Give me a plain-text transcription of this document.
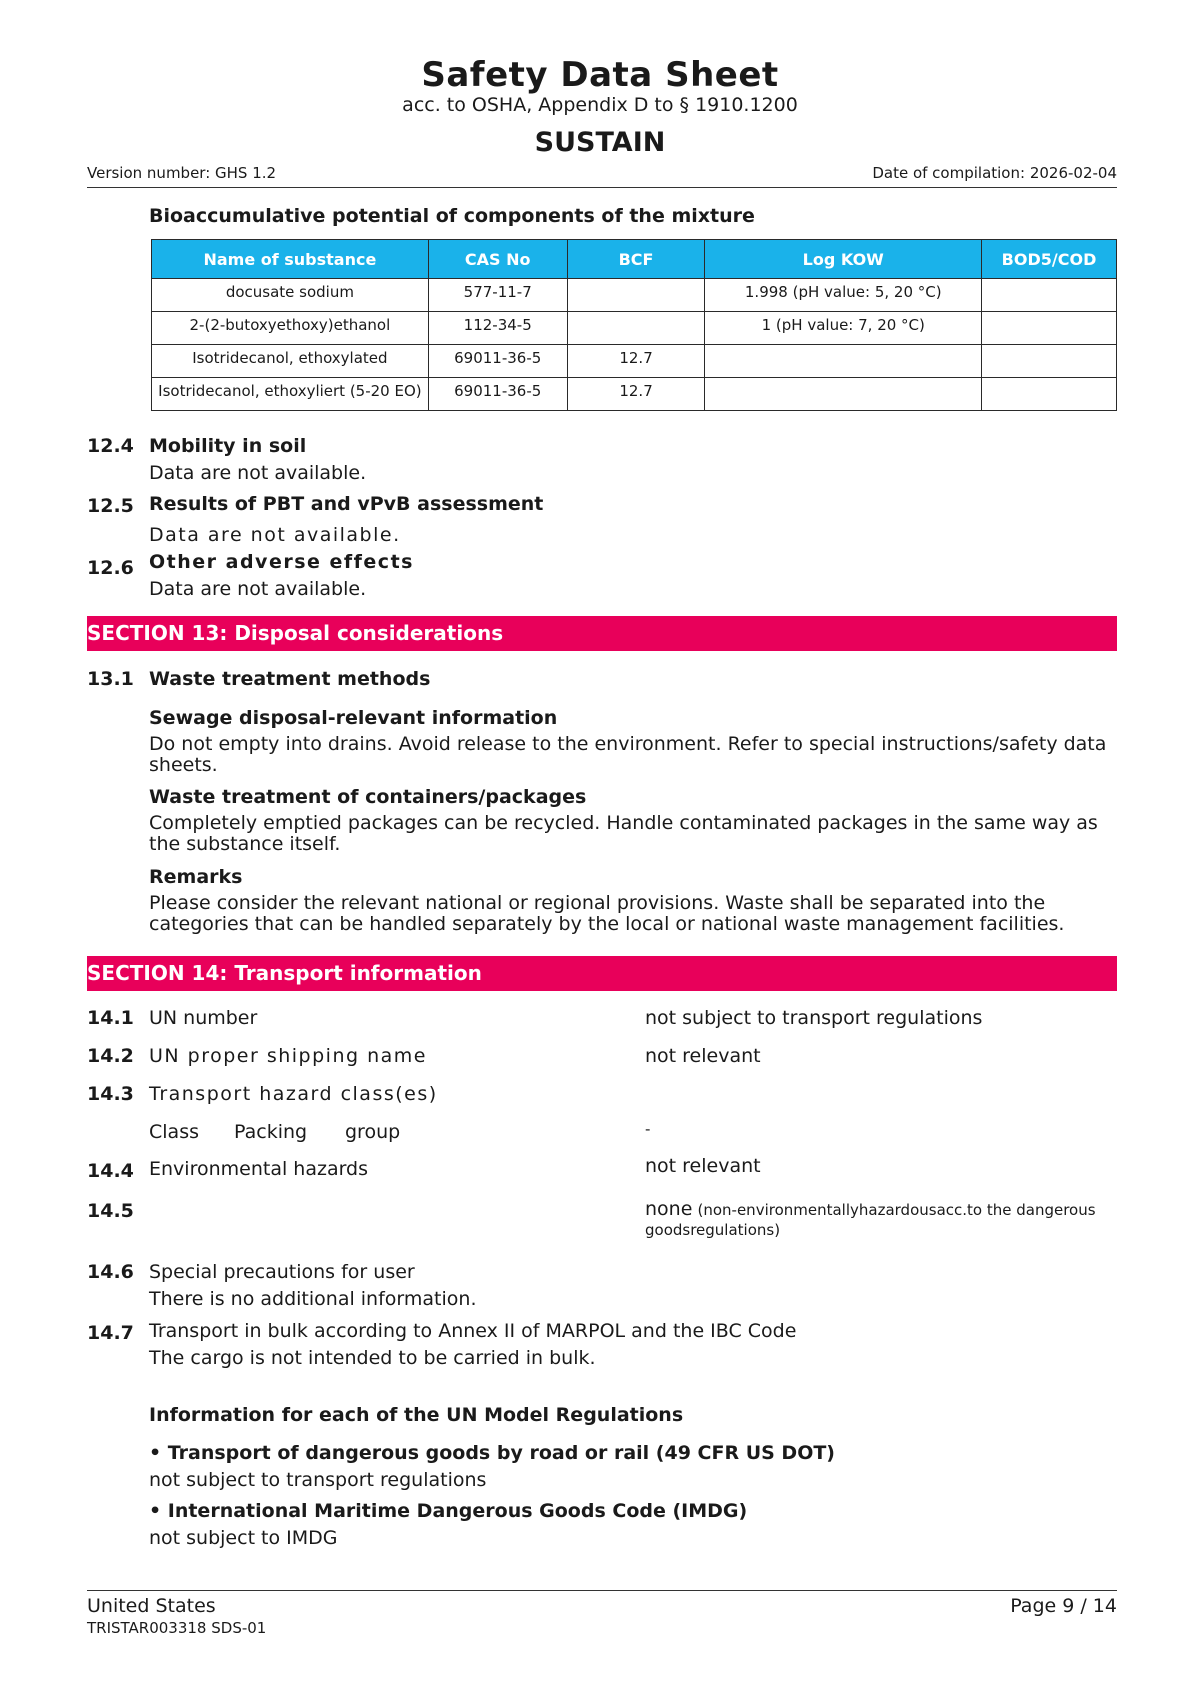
Safety Data Sheet
acc. to OSHA, Appendix D to § 1910.1200
SUSTAIN
Version number: GHS 1.2	Date of compilation: 2026-02-04
Bioaccumulative potential of components of the mixture
Name of substance	CAS No	BCF	Log KOW	BOD5/COD
docusate sodium	577-11-7		1.998 (pH value: 5, 20 °C)	
2-(2-butoxyethoxy)ethanol	112-34-5		1 (pH value: 7, 20 °C)	
Isotridecanol, ethoxylated	69011-36-5	12.7		
Isotridecanol, ethoxyliert (5-20 EO)	69011-36-5	12.7		
12.4 Mobility in soil
Data are not available.
12.5 Results of PBT and vPvB assessment
Data are not available.
12.6 Other adverse effects
Data are not available.
SECTION 13: Disposal considerations
13.1 Waste treatment methods
Sewage disposal-relevant information
Do not empty into drains. Avoid release to the environment. Refer to special instructions/safety data sheets.
Waste treatment of containers/packages
Completely emptied packages can be recycled. Handle contaminated packages in the same way as the substance itself.
Remarks
Please consider the relevant national or regional provisions. Waste shall be separated into the categories that can be handled separately by the local or national waste management facilities.
SECTION 14: Transport information
14.1 UN number	not subject to transport regulations
14.2 UN proper shipping name	not relevant
14.3 Transport hazard class(es)
Class Packing group	-
14.4 Environmental hazards	not relevant
14.5	none (non-environmentallyhazardousacc.to the dangerous goodsregulations)
14.6 Special precautions for user
There is no additional information.
14.7 Transport in bulk according to Annex II of MARPOL and the IBC Code
The cargo is not intended to be carried in bulk.
Information for each of the UN Model Regulations
• Transport of dangerous goods by road or rail (49 CFR US DOT)
not subject to transport regulations
• International Maritime Dangerous Goods Code (IMDG)
not subject to IMDG
United States
TRISTAR003318 SDS-01
Page 9 / 14
